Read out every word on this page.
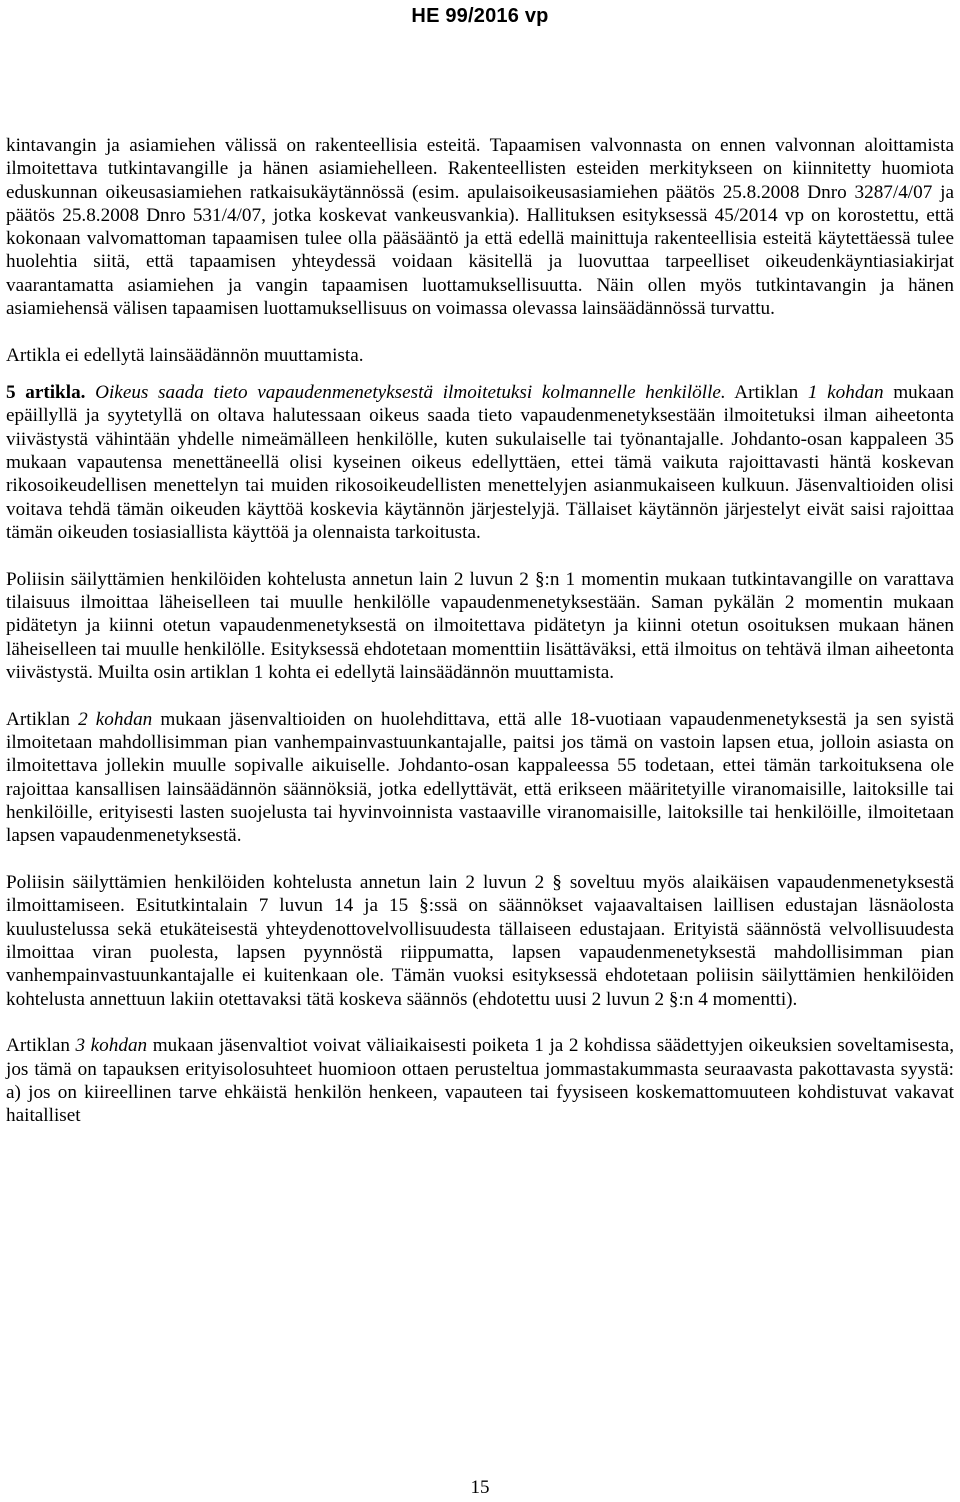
HE 99/2016 vp

kintavangin ja asiamiehen välissä on rakenteellisia esteitä. Tapaamisen valvonnasta on ennen valvonnan aloittamista ilmoitettava tutkintavangille ja hänen asiamiehelleen. Rakenteellisten esteiden merkitykseen on kiinnitetty huomiota eduskunnan oikeusasiamiehen ratkaisukäytännössä (esim. apulaisoikeusasiamiehen päätös 25.8.2008 Dnro 3287/4/07 ja päätös 25.8.2008 Dnro 531/4/07, jotka koskevat vankeusvankia). Hallituksen esityksessä 45/2014 vp on korostettu, että kokonaan valvomattoman tapaamisen tulee olla pääsääntö ja että edellä mainittuja rakenteellisia esteitä käytettäessä tulee huolehtia siitä, että tapaamisen yhteydessä voidaan käsitellä ja luovuttaa tarpeelliset oikeudenkäyntiasiakirjat vaarantamatta asiamiehen ja vangin tapaamisen luottamuksellisuutta. Näin ollen myös tutkintavangin ja hänen asiamiehensä välisen tapaamisen luottamuksellisuus on voimassa olevassa lainsäädännössä turvattu.

Artikla ei edellytä lainsäädännön muuttamista.

5 artikla. Oikeus saada tieto vapaudenmenetyksestä ilmoitetuksi kolmannelle henkilölle. Artiklan 1 kohdan mukaan epäillyllä ja syytetyllä on oltava halutessaan oikeus saada tieto vapaudenmenetyksestään ilmoitetuksi ilman aiheetonta viivästystä vähintään yhdelle nimeämälleen henkilölle, kuten sukulaiselle tai työnantajalle. Johdanto-osan kappaleen 35 mukaan vapautensa menettäneellä olisi kyseinen oikeus edellyttäen, ettei tämä vaikuta rajoittavasti häntä koskevan rikosoikeudellisen menettelyn tai muiden rikosoikeudellisten menettelyjen asianmukaiseen kulkuun. Jäsenvaltioiden olisi voitava tehdä tämän oikeuden käyttöä koskevia käytännön järjestelyjä. Tällaiset käytännön järjestelyt eivät saisi rajoittaa tämän oikeuden tosiasiallista käyttöä ja olennaista tarkoitusta.

Poliisin säilyttämien henkilöiden kohtelusta annetun lain 2 luvun 2 §:n 1 momentin mukaan tutkintavangille on varattava tilaisuus ilmoittaa läheiselleen tai muulle henkilölle vapaudenmenetyksestään. Saman pykälän 2 momentin mukaan pidätetyn ja kiinni otetun vapaudenmenetyksestä on ilmoitettava pidätetyn ja kiinni otetun osoituksen mukaan hänen läheiselleen tai muulle henkilölle. Esityksessä ehdotetaan momenttiin lisättäväksi, että ilmoitus on tehtävä ilman aiheetonta viivästystä. Muilta osin artiklan 1 kohta ei edellytä lainsäädännön muuttamista.

Artiklan 2 kohdan mukaan jäsenvaltioiden on huolehdittava, että alle 18-vuotiaan vapaudenmenetyksestä ja sen syistä ilmoitetaan mahdollisimman pian vanhempainvastuunkantajalle, paitsi jos tämä on vastoin lapsen etua, jolloin asiasta on ilmoitettava jollekin muulle sopivalle aikuiselle. Johdanto-osan kappaleessa 55 todetaan, ettei tämän tarkoituksena ole rajoittaa kansallisen lainsäädännön säännöksiä, jotka edellyttävät, että erikseen määritetyille viranomaisille, laitoksille tai henkilöille, erityisesti lasten suojelusta tai hyvinvoinnista vastaaville viranomaisille, laitoksille tai henkilöille, ilmoitetaan lapsen vapaudenmenetyksestä.

Poliisin säilyttämien henkilöiden kohtelusta annetun lain 2 luvun 2 § soveltuu myös alaikäisen vapaudenmenetyksestä ilmoittamiseen. Esitutkintalain 7 luvun 14 ja 15 §:ssä on säännökset vajaavaltaisen laillisen edustajan läsnäolosta kuulustelussa sekä etukäteisestä yhteydenottovelvollisuudesta tällaiseen edustajaan. Erityistä säännöstä velvollisuudesta ilmoittaa viran puolesta, lapsen pyynnöstä riippumatta, lapsen vapaudenmenetyksestä mahdollisimman pian vanhempainvastuunkantajalle ei kuitenkaan ole. Tämän vuoksi esityksessä ehdotetaan poliisin säilyttämien henkilöiden kohtelusta annettuun lakiin otettavaksi tätä koskeva säännös (ehdotettu uusi 2 luvun 2 §:n 4 momentti).

Artiklan 3 kohdan mukaan jäsenvaltiot voivat väliaikaisesti poiketa 1 ja 2 kohdissa säädettyjen oikeuksien soveltamisesta, jos tämä on tapauksen erityisolosuhteet huomioon ottaen perusteltua jommastakummasta seuraavasta pakottavasta syystä: a) jos on kiireellinen tarve ehkäistä henkilön henkeen, vapauteen tai fyysiseen koskemattomuuteen kohdistuvat vakavat haitalliset

15
